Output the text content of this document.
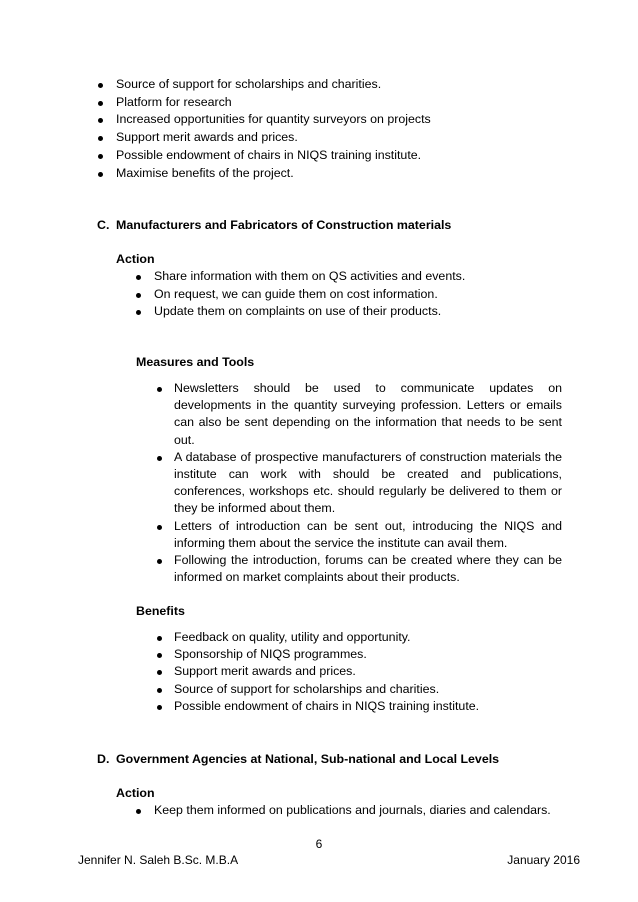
Source of support for scholarships and charities.
Platform for research
Increased opportunities for quantity surveyors on projects
Support merit awards and prices.
Possible endowment of chairs in NIQS training institute.
Maximise benefits of the project.
C. Manufacturers and Fabricators of Construction materials
Action
Share information with them on QS activities and events.
On request, we can guide them on cost information.
Update them on complaints on use of their products.
Measures and Tools
Newsletters should be used to communicate updates on developments in the quantity surveying profession. Letters or emails can also be sent depending on the information that needs to be sent out.
A database of prospective manufacturers of construction materials the institute can work with should be created and publications, conferences, workshops etc. should regularly be delivered to them or they be informed about them.
Letters of introduction can be sent out, introducing the NIQS and informing them about the service the institute can avail them.
Following the introduction, forums can be created where they can be informed on market complaints about their products.
Benefits
Feedback on quality, utility and opportunity.
Sponsorship of NIQS programmes.
Support merit awards and prices.
Source of support for scholarships and charities.
Possible endowment of chairs in NIQS training institute.
D. Government Agencies at National, Sub-national and Local Levels
Action
Keep them informed on publications and journals, diaries and calendars.
6
Jennifer N. Saleh B.Sc. M.B.A	January 2016
